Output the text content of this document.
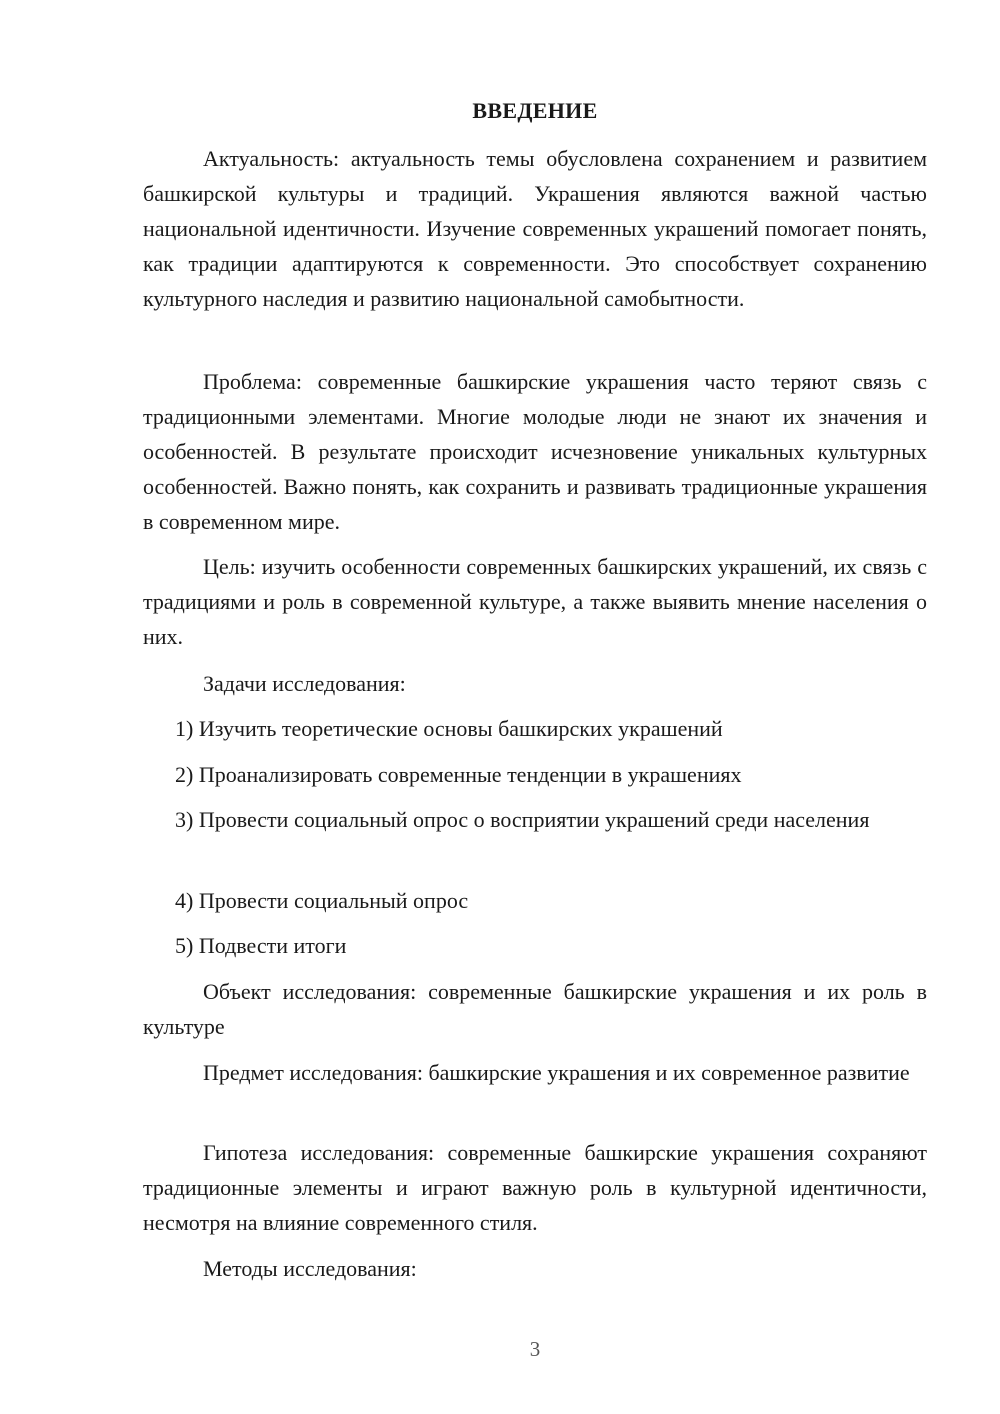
ВВЕДЕНИЕ

Актуальность: актуальность темы обусловлена сохранением и развитием башкирской культуры и традиций. Украшения являются важной частью национальной идентичности. Изучение современных украшений помогает понять, как традиции адаптируются к современности. Это способствует сохранению культурного наследия и развитию национальной самобытности.

Проблема: современные башкирские украшения часто теряют связь с традиционными элементами. Многие молодые люди не знают их значения и особенностей. В результате происходит исчезновение уникальных культурных особенностей. Важно понять, как сохранить и развивать традиционные украшения в современном мире.

Цель: изучить особенности современных башкирских украшений, их связь с традициями и роль в современной культуре, а также выявить мнение населения о них.

Задачи исследования:

1) Изучить теоретические основы башкирских украшений

2) Проанализировать современные тенденции в украшениях

3) Провести социальный опрос о восприятии украшений среди населения

4) Провести социальный опрос

5) Подвести итоги

Объект исследования: современные башкирские украшения и их роль в культуре

Предмет исследования: башкирские украшения и их современное развитие

Гипотеза исследования: современные башкирские украшения сохраняют традиционные элементы и играют важную роль в культурной идентичности, несмотря на влияние современного стиля.

Методы исследования:

3
